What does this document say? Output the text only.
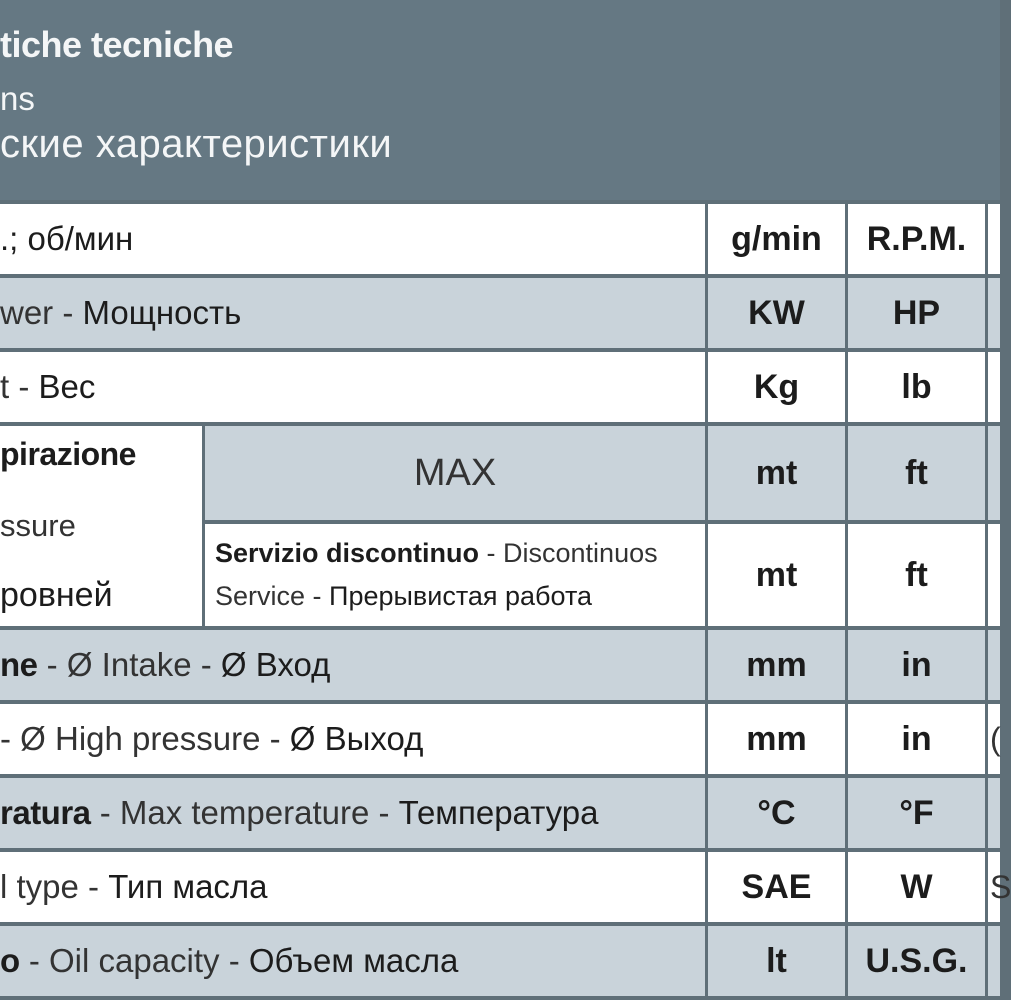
tiche tecniche
ns
ские характеристики
.; об/мин	g/min	R.P.M.
wer - Мощность	KW	HP
t - Вес	Kg	lb
pirazione
ssure
ровней
MAX	mt	ft
Servizio discontinuo - Discontinuos
Service - Прерывистая работа
mt	ft
ne - Ø Intake - Ø Вход	mm	in
- Ø High pressure - Ø Выход	mm	in	(
ratura - Max temperature - Температура	°C	°F
l type - Тип масла	SAE	W	S
o - Oil capacity - Объем масла	lt	U.S.G.
